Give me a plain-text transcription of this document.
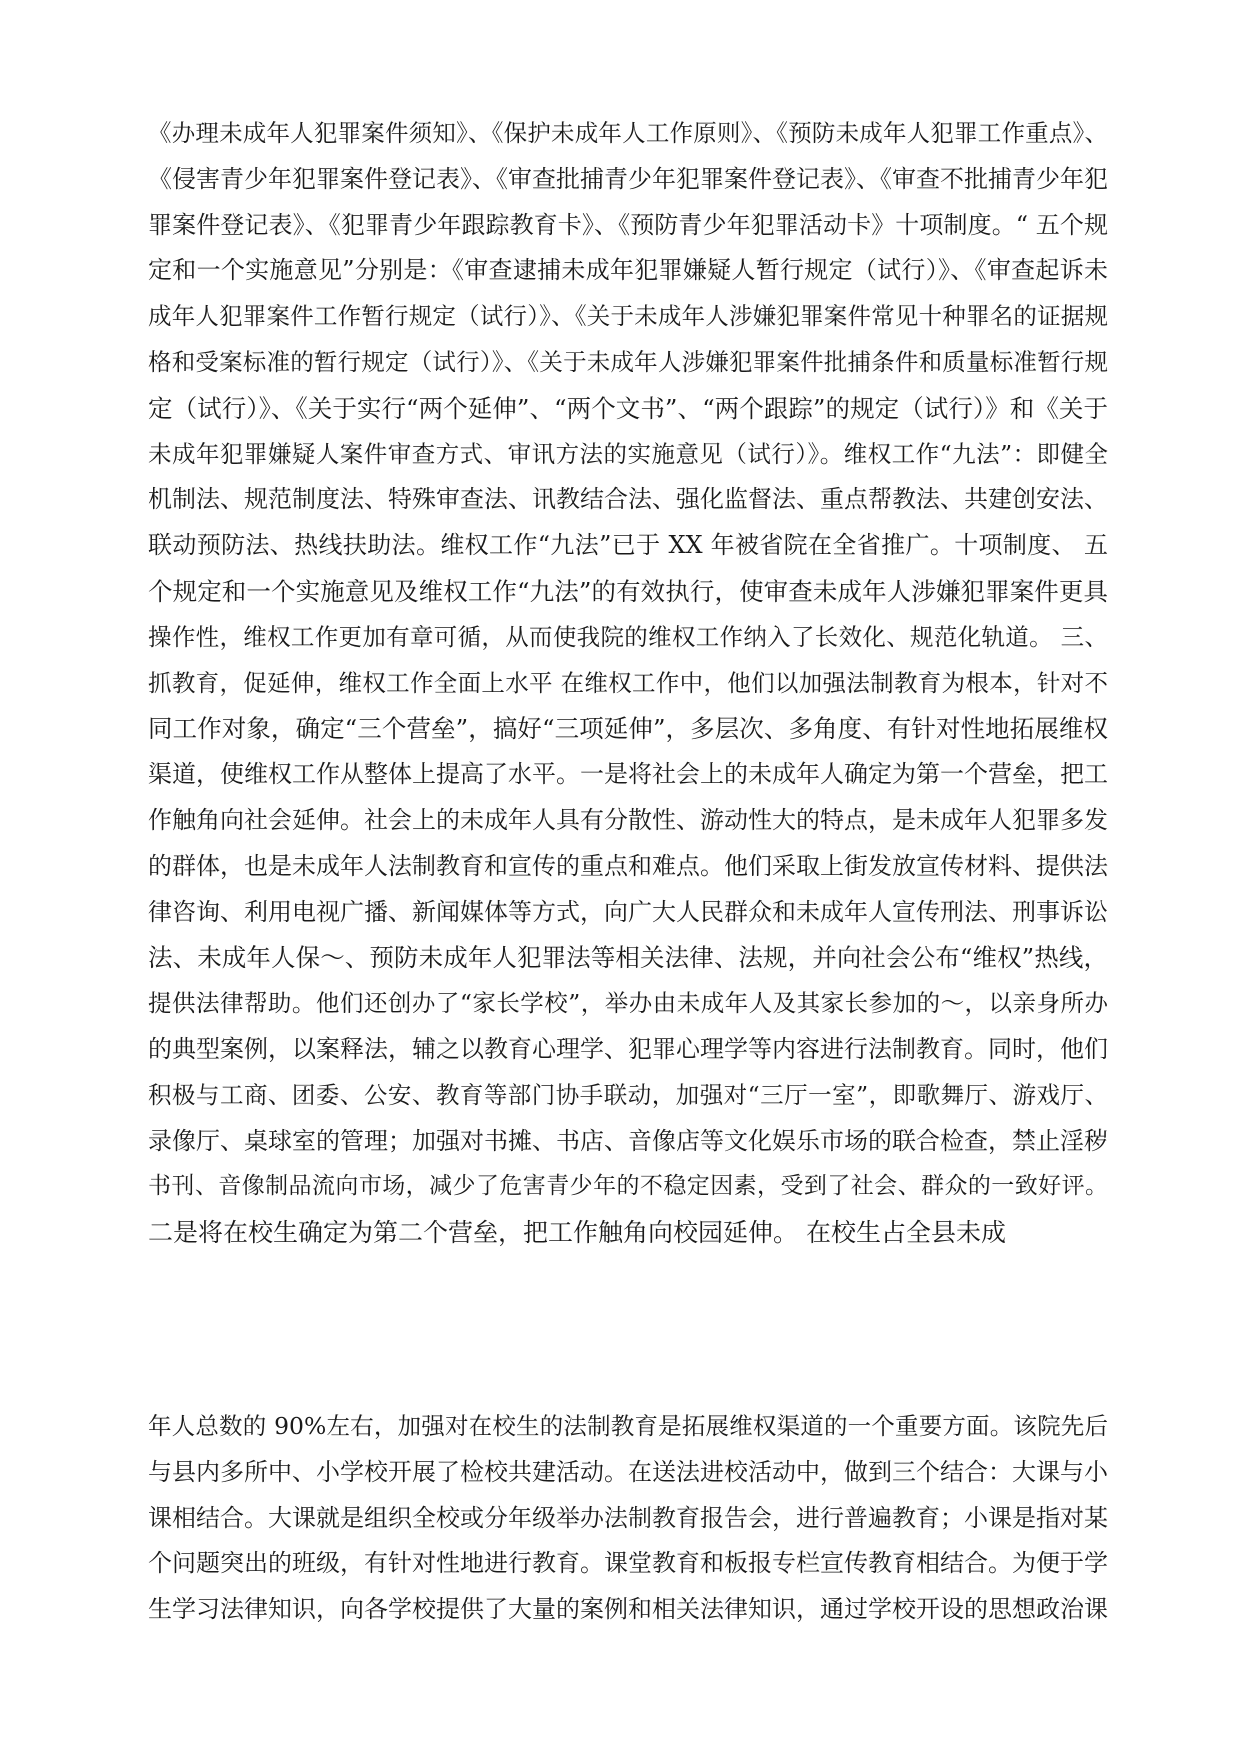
《办理未成年人犯罪案件须知》、《保护未成年人工作原则》、《预防未成年人犯罪工作重点》、
《侵害青少年犯罪案件登记表》、《审查批捕青少年犯罪案件登记表》、《审查不批捕青少年犯
罪案件登记表》、《犯罪青少年跟踪教育卡》、《预防青少年犯罪活动卡》十项制度。“ 五个规
定和一个实施意见”分别是：《审查逮捕未成年犯罪嫌疑人暂行规定（试行）》、《审查起诉未
成年人犯罪案件工作暂行规定（试行）》、《关于未成年人涉嫌犯罪案件常见十种罪名的证据规
格和受案标准的暂行规定（试行）》、《关于未成年人涉嫌犯罪案件批捕条件和质量标准暂行规
定（试行）》、《关于实行“两个延伸”、“两个文书”、“两个跟踪”的规定（试行）》和《关于
未成年犯罪嫌疑人案件审查方式、审讯方法的实施意见（试行）》。维权工作“九法”：即健全
机制法、规范制度法、特殊审查法、讯教结合法、强化监督法、重点帮教法、共建创安法、
联动预防法、热线扶助法。维权工作“九法”已于 XX 年被省院在全省推广。十项制度、 五
个规定和一个实施意见及维权工作“九法”的有效执行，使审查未成年人涉嫌犯罪案件更具
操作性，维权工作更加有章可循，从而使我院的维权工作纳入了长效化、规范化轨道。 三、
抓教育，促延伸，维权工作全面上水平 在维权工作中，他们以加强法制教育为根本，针对不
同工作对象，确定“三个营垒”，搞好“三项延伸”，多层次、多角度、有针对性地拓展维权
渠道，使维权工作从整体上提高了水平。一是将社会上的未成年人确定为第一个营垒，把工
作触角向社会延伸。社会上的未成年人具有分散性、游动性大的特点，是未成年人犯罪多发
的群体，也是未成年人法制教育和宣传的重点和难点。他们采取上街发放宣传材料、提供法
律咨询、利用电视广播、新闻媒体等方式，向广大人民群众和未成年人宣传刑法、刑事诉讼
法、未成年人保～、预防未成年人犯罪法等相关法律、法规，并向社会公布“维权”热线，
提供法律帮助。他们还创办了“家长学校”，举办由未成年人及其家长参加的～，以亲身所办
的典型案例，以案释法，辅之以教育心理学、犯罪心理学等内容进行法制教育。同时，他们
积极与工商、团委、公安、教育等部门协手联动，加强对“三厅一室”，即歌舞厅、游戏厅、
录像厅、桌球室的管理；加强对书摊、书店、音像店等文化娱乐市场的联合检查，禁止淫秽
书刊、音像制品流向市场，减少了危害青少年的不稳定因素，受到了社会、群众的一致好评。
二是将在校生确定为第二个营垒，把工作触角向校园延伸。 在校生占全县未成
年人总数的 90%左右，加强对在校生的法制教育是拓展维权渠道的一个重要方面。该院先后
与县内多所中、小学校开展了检校共建活动。在送法进校活动中，做到三个结合：大课与小
课相结合。大课就是组织全校或分年级举办法制教育报告会，进行普遍教育；小课是指对某
个问题突出的班级，有针对性地进行教育。课堂教育和板报专栏宣传教育相结合。为便于学
生学习法律知识，向各学校提供了大量的案例和相关法律知识，通过学校开设的思想政治课
